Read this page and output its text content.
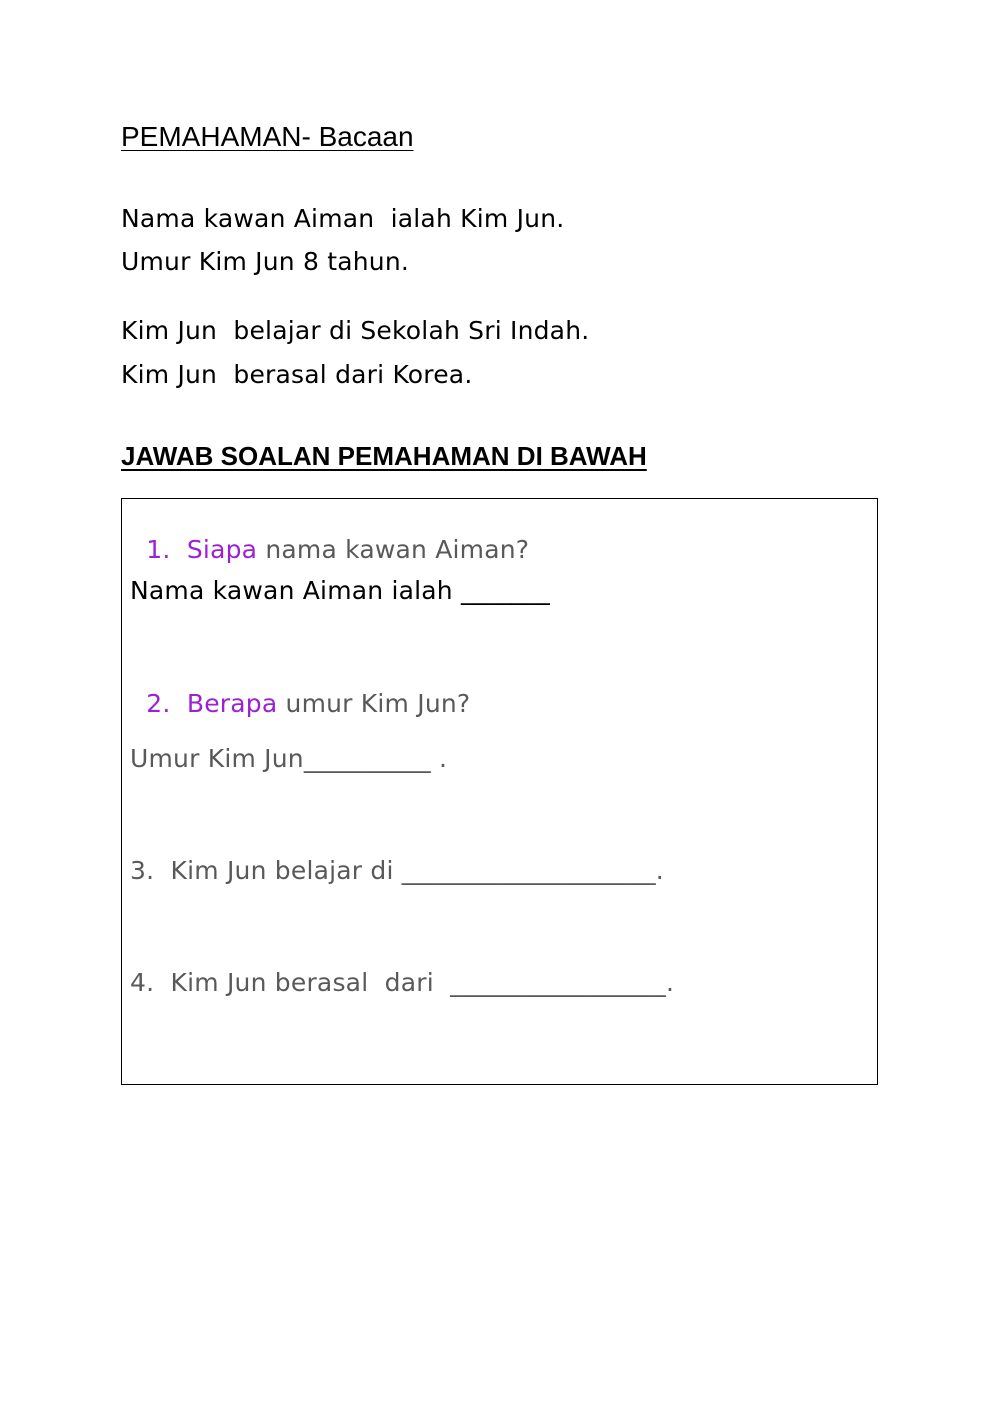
PEMAHAMAN- Bacaan
Nama kawan Aiman  ialah Kim Jun.
Umur Kim Jun 8 tahun.
Kim Jun  belajar di Sekolah Sri Indah.
Kim Jun  berasal dari Korea.
JAWAB SOALAN PEMAHAMAN DI BAWAH

1. Siapa nama kawan Aiman?

Nama kawan Aiman ialah _______

2. Berapa umur Kim Jun?

Umur Kim Jun__________ .
3.  Kim Jun belajar di ____________________.
4.  Kim Jun berasal  dari  _________________.
